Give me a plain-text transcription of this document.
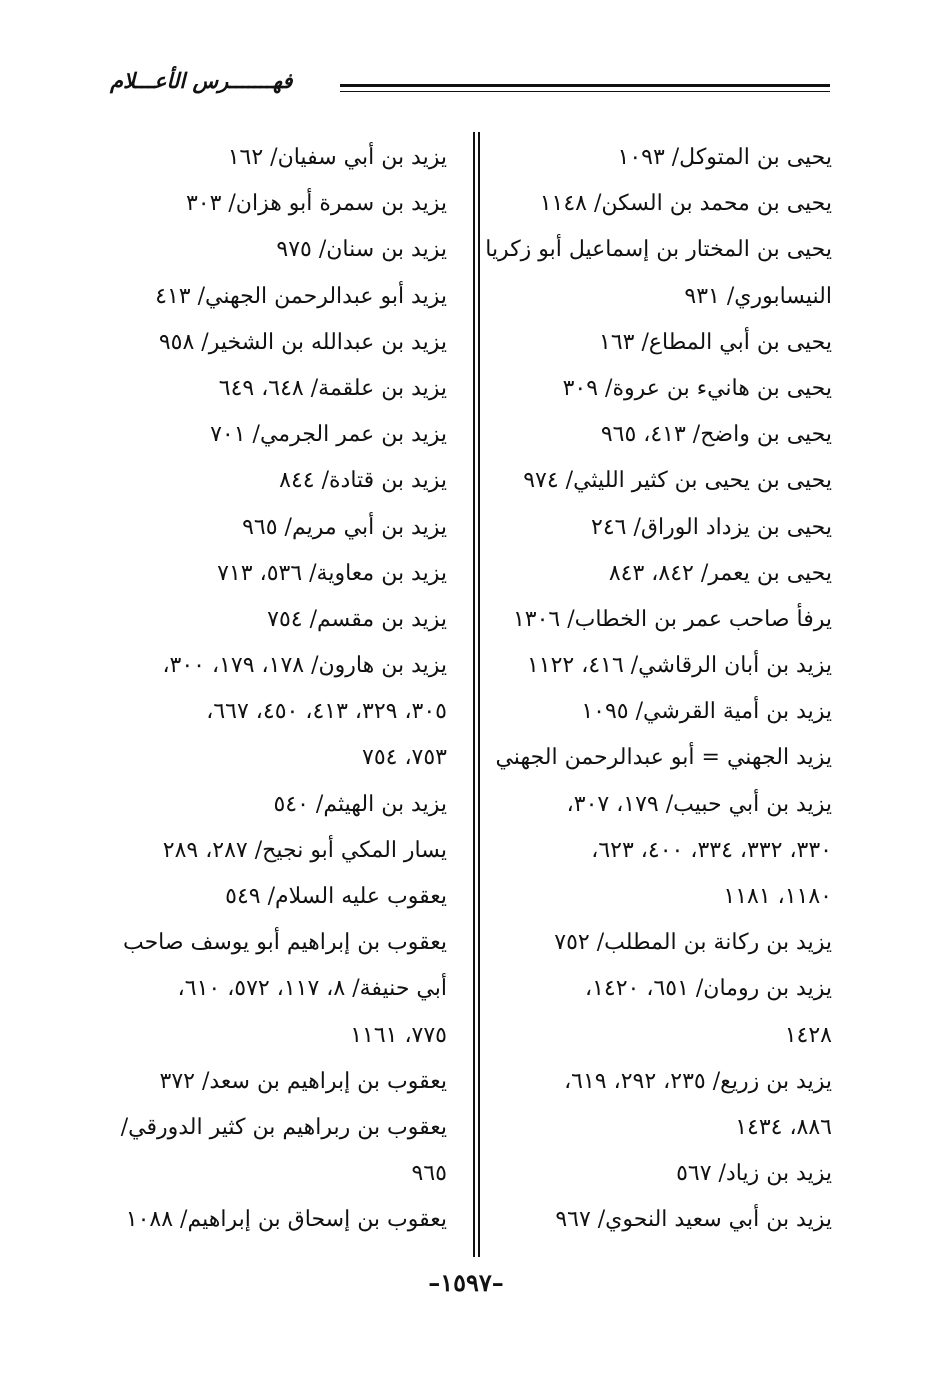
فهـــــــرس الأعـــلام
يحيى بن المتوكل/ ١٠٩٣
يحيى بن محمد بن السكن/ ١١٤٨
يحيى بن المختار بن إسماعيل أبو زكريا
النيسابوري/ ٩٣١
يحيى بن أبي المطاع/ ١٦٣
يحيى بن هانيء بن عروة/ ٣٠٩
يحيى بن واضح/ ٤١٣، ٩٦٥
يحيى بن يحيى بن كثير الليثي/ ٩٧٤
يحيى بن يزداد الوراق/ ٢٤٦
يحيى بن يعمر/ ٨٤٢، ٨٤٣
يرفأ صاحب عمر بن الخطاب/ ١٣٠٦
يزيد بن أبان الرقاشي/ ٤١٦، ١١٢٢
يزيد بن أمية القرشي/ ١٠٩٥
يزيد الجهني = أبو عبدالرحمن الجهني
يزيد بن أبي حبيب/ ١٧٩، ٣٠٧،
٣٣٠، ٣٣٢، ٣٣٤، ٤٠٠، ٦٢٣،
١١٨٠، ١١٨١
يزيد بن ركانة بن المطلب/ ٧٥٢
يزيد بن رومان/ ٦٥١، ١٤٢٠،
١٤٢٨
يزيد بن زريع/ ٢٣٥، ٢٩٢، ٦١٩،
٨٨٦، ١٤٣٤
يزيد بن زياد/ ٥٦٧
يزيد بن أبي سعيد النحوي/ ٩٦٧
يزيد بن أبي سفيان/ ١٦٢
يزيد بن سمرة أبو هزان/ ٣٠٣
يزيد بن سنان/ ٩٧٥
يزيد أبو عبدالرحمن الجهني/ ٤١٣
يزيد بن عبدالله بن الشخير/ ٩٥٨
يزيد بن علقمة/ ٦٤٨، ٦٤٩
يزيد بن عمر الجرمي/ ٧٠١
يزيد بن قتادة/ ٨٤٤
يزيد بن أبي مريم/ ٩٦٥
يزيد بن معاوية/ ٥٣٦، ٧١٣
يزيد بن مقسم/ ٧٥٤
يزيد بن هارون/ ١٧٨، ١٧٩، ٣٠٠،
٣٠٥، ٣٢٩، ٤١٣، ٤٥٠، ٦٦٧،
٧٥٣، ٧٥٤
يزيد بن الهيثم/ ٥٤٠
يسار المكي أبو نجيح/ ٢٨٧، ٢٨٩
يعقوب عليه السلام/ ٥٤٩
يعقوب بن إبراهيم أبو يوسف صاحب
أبي حنيفة/ ٨، ١١٧، ٥٧٢، ٦١٠،
٧٧٥، ١١٦١
يعقوب بن إبراهيم بن سعد/ ٣٧٢
يعقوب بن ربراهيم بن كثير الدورقي/
٩٦٥
يعقوب بن إسحاق بن إبراهيم/ ١٠٨٨
–١٥٩٧–
